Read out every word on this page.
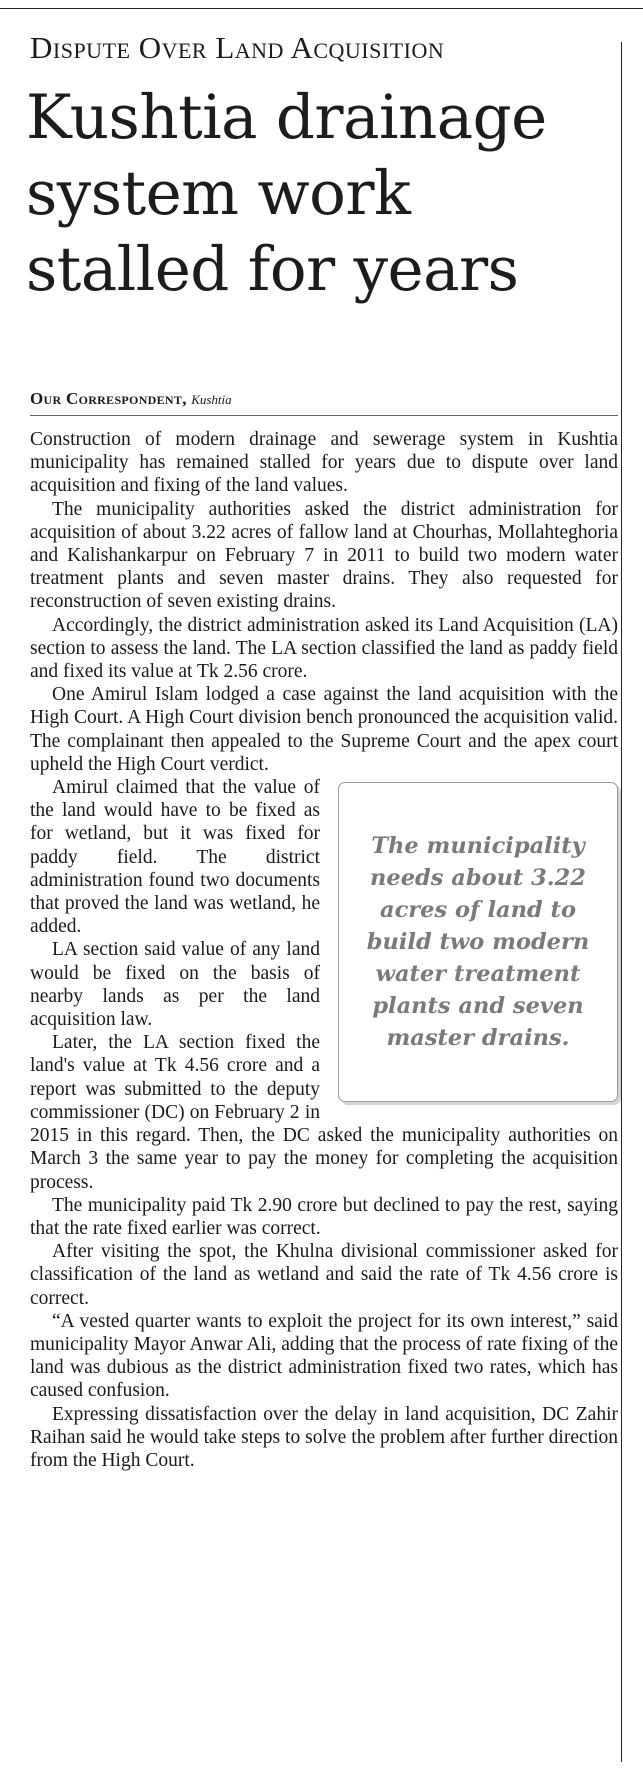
Dispute Over Land Acquisition
Kushtia drainage system work stalled for years
Our Correspondent, Kushtia

Construction of modern drainage and sewerage system in Kushtia municipality has remained stalled for years due to dispute over land acquisition and fixing of the land values.

The municipality authorities asked the district administration for acquisition of about 3.22 acres of fallow land at Chourhas, Mollahteghoria and Kalishankarpur on February 7 in 2011 to build two modern water treatment plants and seven master drains. They also requested for reconstruction of seven existing drains.

Accordingly, the district administration asked its Land Acquisition (LA) section to assess the land. The LA section classified the land as paddy field and fixed its value at Tk 2.56 crore.

One Amirul Islam lodged a case against the land acquisition with the High Court. A High Court division bench pronounced the acquisition valid. The complainant then appealed to the Supreme Court and the apex court upheld the High Court verdict.

The municipality needs about 3.22 acres of land to build two modern water treatment plants and seven master drains.

Amirul claimed that the value of the land would have to be fixed as for wetland, but it was fixed for paddy field. The district administration found two documents that proved the land was wetland, he added.

LA section said value of any land would be fixed on the basis of nearby lands as per the land acquisition law.

Later, the LA section fixed the land's value at Tk 4.56 crore and a report was submitted to the deputy commissioner (DC) on February 2 in 2015 in this regard. Then, the DC asked the municipality authorities on March 3 the same year to pay the money for completing the acquisition process.

The municipality paid Tk 2.90 crore but declined to pay the rest, saying that the rate fixed earlier was correct.

After visiting the spot, the Khulna divisional commissioner asked for classification of the land as wetland and said the rate of Tk 4.56 crore is correct.

“A vested quarter wants to exploit the project for its own interest,” said municipality Mayor Anwar Ali, adding that the process of rate fixing of the land was dubious as the district administration fixed two rates, which has caused confusion.

Expressing dissatisfaction over the delay in land acquisition, DC Zahir Raihan said he would take steps to solve the problem after further direction from the High Court.
